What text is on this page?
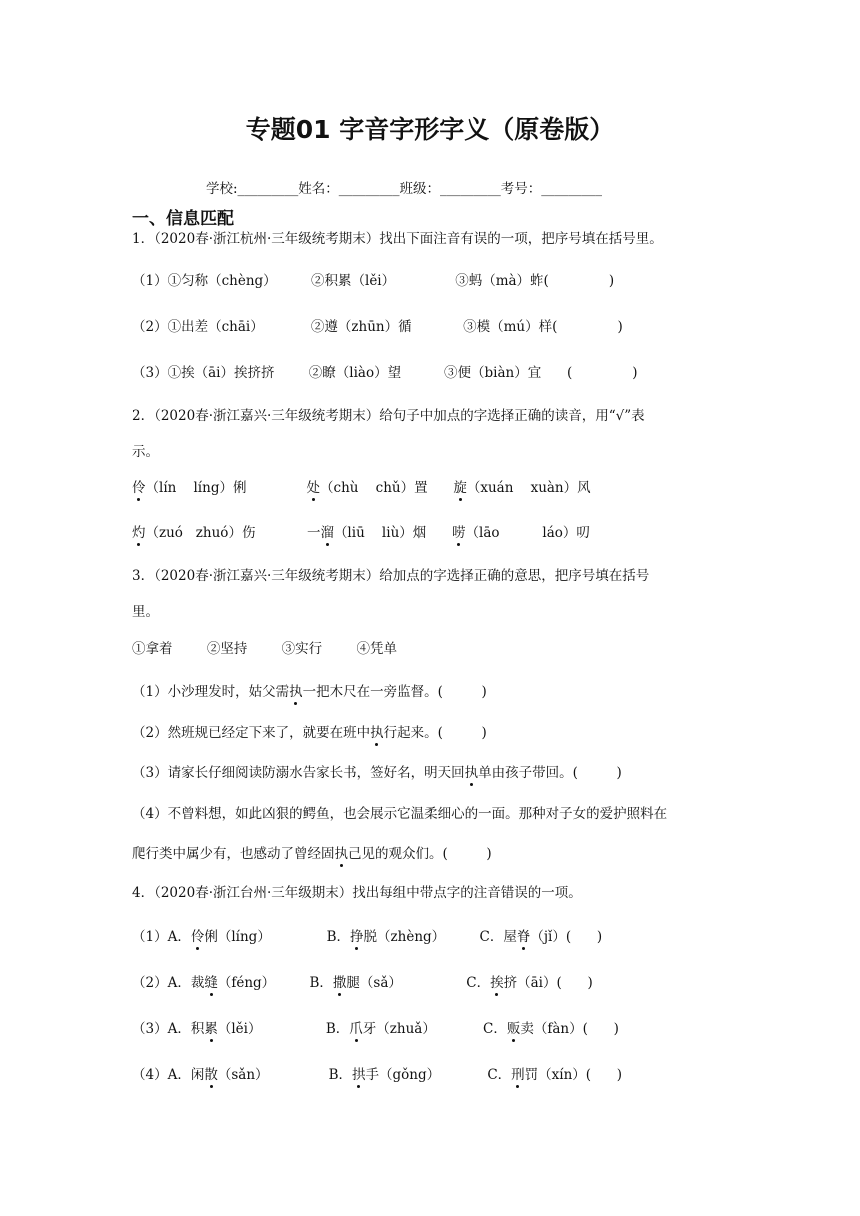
专题01 字音字形字义（原卷版）
学校:_________姓名：_________班级：_________考号：_________
一、信息匹配
1．（2020春·浙江杭州·三年级统考期末）找出下面注音有误的一项，把序号填在括号里。
（1）①匀称（chèng）        ②积累（lěi）              ③蚂（mà）蚱(              )
（2）①出差（chāi）           ②遵（zhūn）循            ③模（mú）样(              )
（3）①挨（āi）挨挤挤        ②瞭（liào）望          ③便（biàn）宜      (              )
2．（2020春·浙江嘉兴·三年级统考期末）给句子中加点的字选择正确的读音，用“√”表
示。
伶（lín    líng）俐              处（chù    chǔ）置      旋（xuán    xuàn）风
灼（zuó   zhuó）伤            一溜（liū    liù）烟      唠（lāo          láo）叨
3．（2020春·浙江嘉兴·三年级统考期末）给加点的字选择正确的意思，把序号填在括号
里。
①拿着        ②坚持        ③实行        ④凭单
（1）小沙理发时，姑父需执一把木尺在一旁监督。(         )
（2）然班规已经定下来了，就要在班中执行起来。(         )
（3）请家长仔细阅读防溺水告家长书，签好名，明天回执单由孩子带回。(         )
（4）不曾料想，如此凶狠的鳄鱼，也会展示它温柔细心的一面。那种对子女的爱护照料在
爬行类中属少有，也感动了曾经固执己见的观众们。(         )
4．（2020春·浙江台州·三年级期末）找出每组中带点字的注音错误的一项。
（1）A．伶俐（líng）             B．挣脱（zhèng）        C．屋脊（jǐ）(      )
（2）A．裁缝（féng）        B．撒腿（sǎ）               C．挨挤（āi）(      )
（3）A．积累（lěi）               B．爪牙（zhuǎ）           C．贩卖（fàn）(      )
（4）A．闲散（sǎn）              B．拱手（gǒng）           C．刑罚（xín）(      )
